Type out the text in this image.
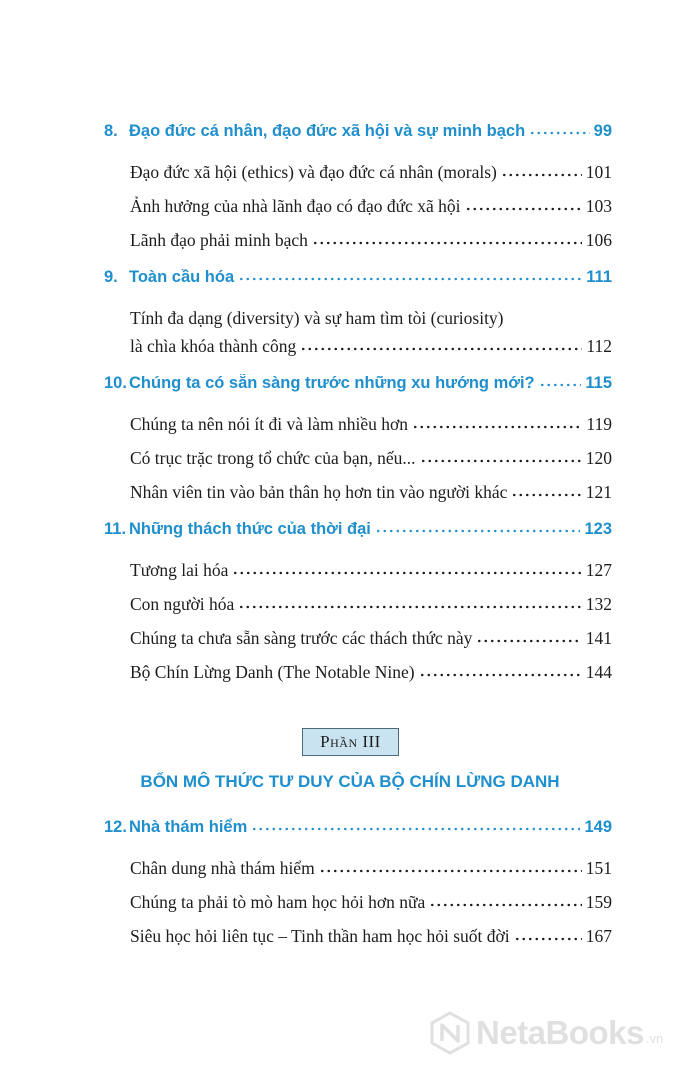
8. Đạo đức cá nhân, đạo đức xã hội và sự minh bạch	99
Đạo đức xã hội (ethics) và đạo đức cá nhân (morals)	101
Ảnh hưởng của nhà lãnh đạo có đạo đức xã hội	103
Lãnh đạo phải minh bạch	106
9. Toàn cầu hóa	111
Tính đa dạng (diversity) và sự ham tìm tòi (curiosity)
là chìa khóa thành công	112
10. Chúng ta có sẵn sàng trước những xu hướng mới?	115
Chúng ta nên nói ít đi và làm nhiều hơn	119
Có trục trặc trong tổ chức của bạn, nếu...	120
Nhân viên tin vào bản thân họ hơn tin vào người khác	121
11. Những thách thức của thời đại	123
Tương lai hóa	127
Con người hóa	132
Chúng ta chưa sẵn sàng trước các thách thức này	141
Bộ Chín Lừng Danh (The Notable Nine)	144
Phần III
BỐN MÔ THỨC TƯ DUY CỦA BỘ CHÍN LỪNG DANH
12. Nhà thám hiểm	149
Chân dung nhà thám hiểm	151
Chúng ta phải tò mò ham học hỏi hơn nữa	159
Siêu học hỏi liên tục – Tinh thần ham học hỏi suốt đời	167
NetaBooks .vn
